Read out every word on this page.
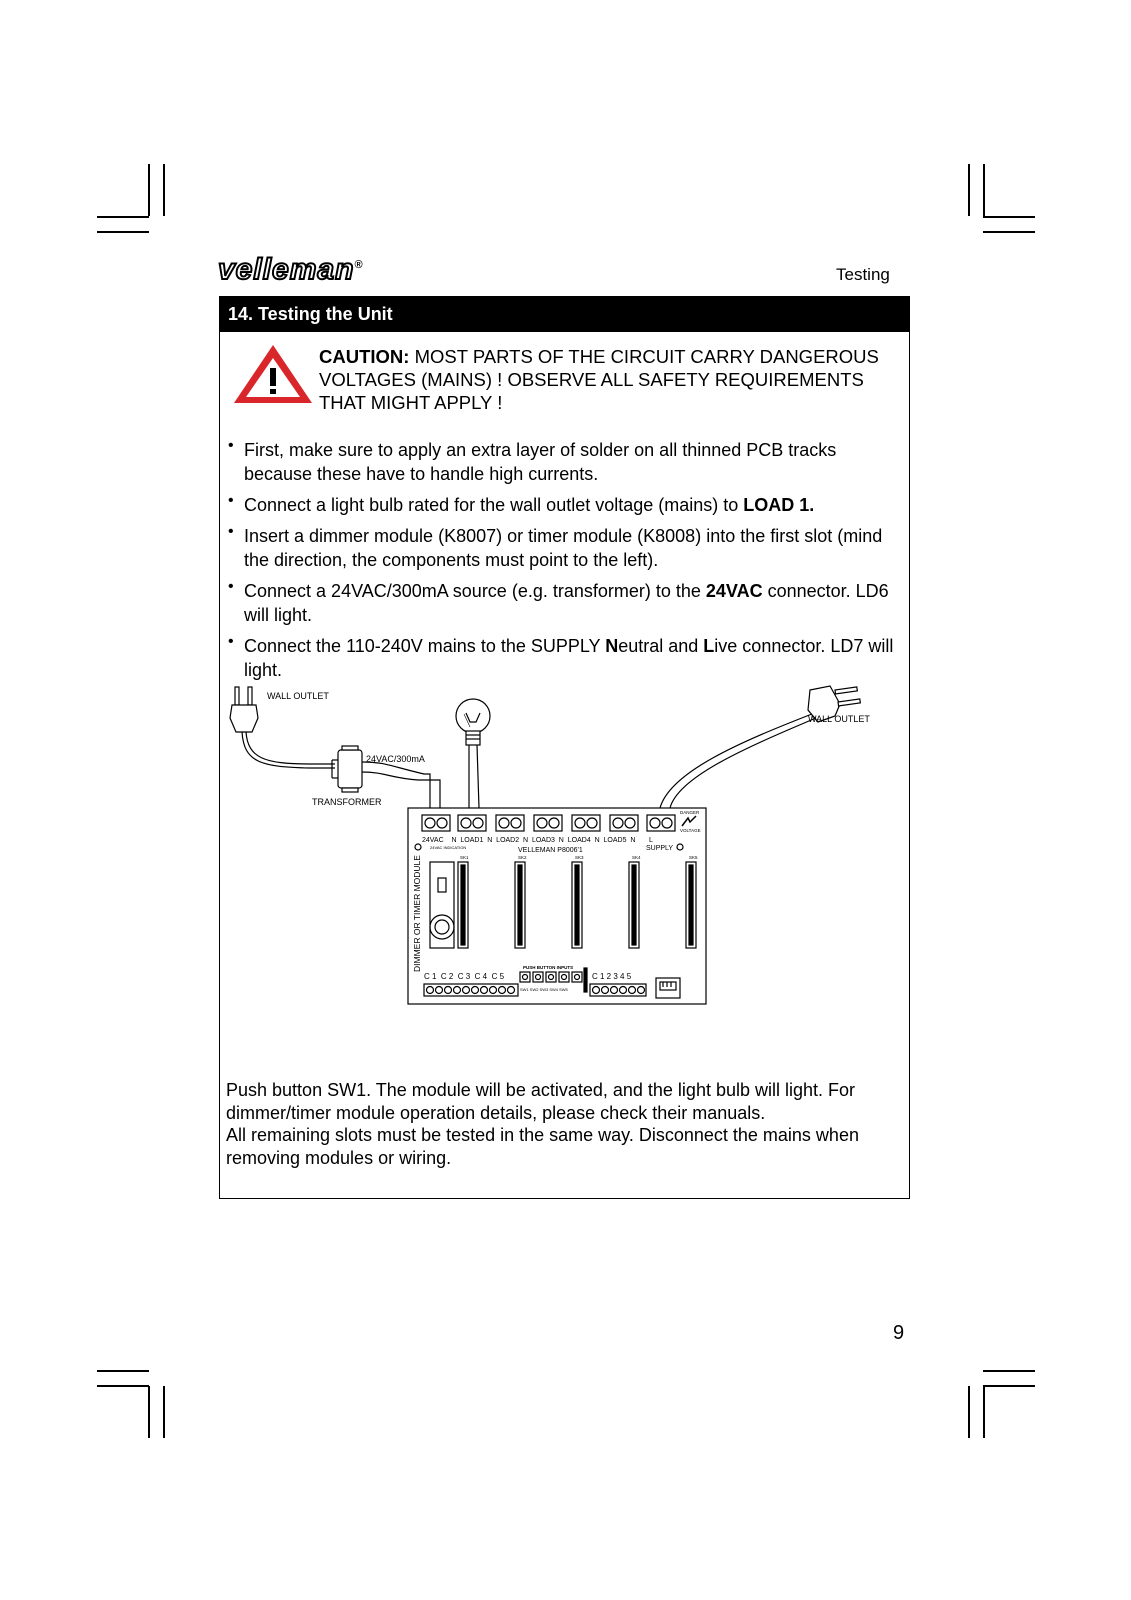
velleman®	Testing
14. Testing the Unit
CAUTION: MOST PARTS OF THE CIRCUIT CARRY DANGEROUS VOLTAGES (MAINS) ! OBSERVE ALL SAFETY REQUIREMENTS THAT MIGHT APPLY !
• First, make sure to apply an extra layer of solder on all thinned PCB tracks because these have to handle high currents.
• Connect a light bulb rated for the wall outlet voltage (mains) to LOAD 1.
• Insert a dimmer module (K8007) or timer module (K8008) into the first slot (mind the direction, the components must point to the left).
• Connect a 24VAC/300mA source (e.g. transformer) to the 24VAC connector. LD6 will light.
• Connect the 110-240V mains to the SUPPLY Neutral and Live connector. LD7 will light.
WALL OUTLET
24VAC/300mA
TRANSFORMER
WALL OUTLET
DANGER
VOLTAGE
24VAC    N  LOAD1  N  LOAD2  N  LOAD3  N  LOAD4  N  LOAD5  N       L
SUPPLY
24VAC INDICATION	VELLEMAN P8006'1
SK1	SK2	SK3	SK4	SK5
DIMMER OR TIMER MODULE
C 1  C 2  C 3  C 4  C 5
PUSH BUTTON INPUTS
SW1 SW2 SW3 SW4 SW5
C 1 2 3 4 5
Push button SW1. The module will be activated, and the light bulb will light. For dimmer/timer module operation details, please check their manuals.
All remaining slots must be tested in the same way. Disconnect the mains when removing modules or wiring.
9
